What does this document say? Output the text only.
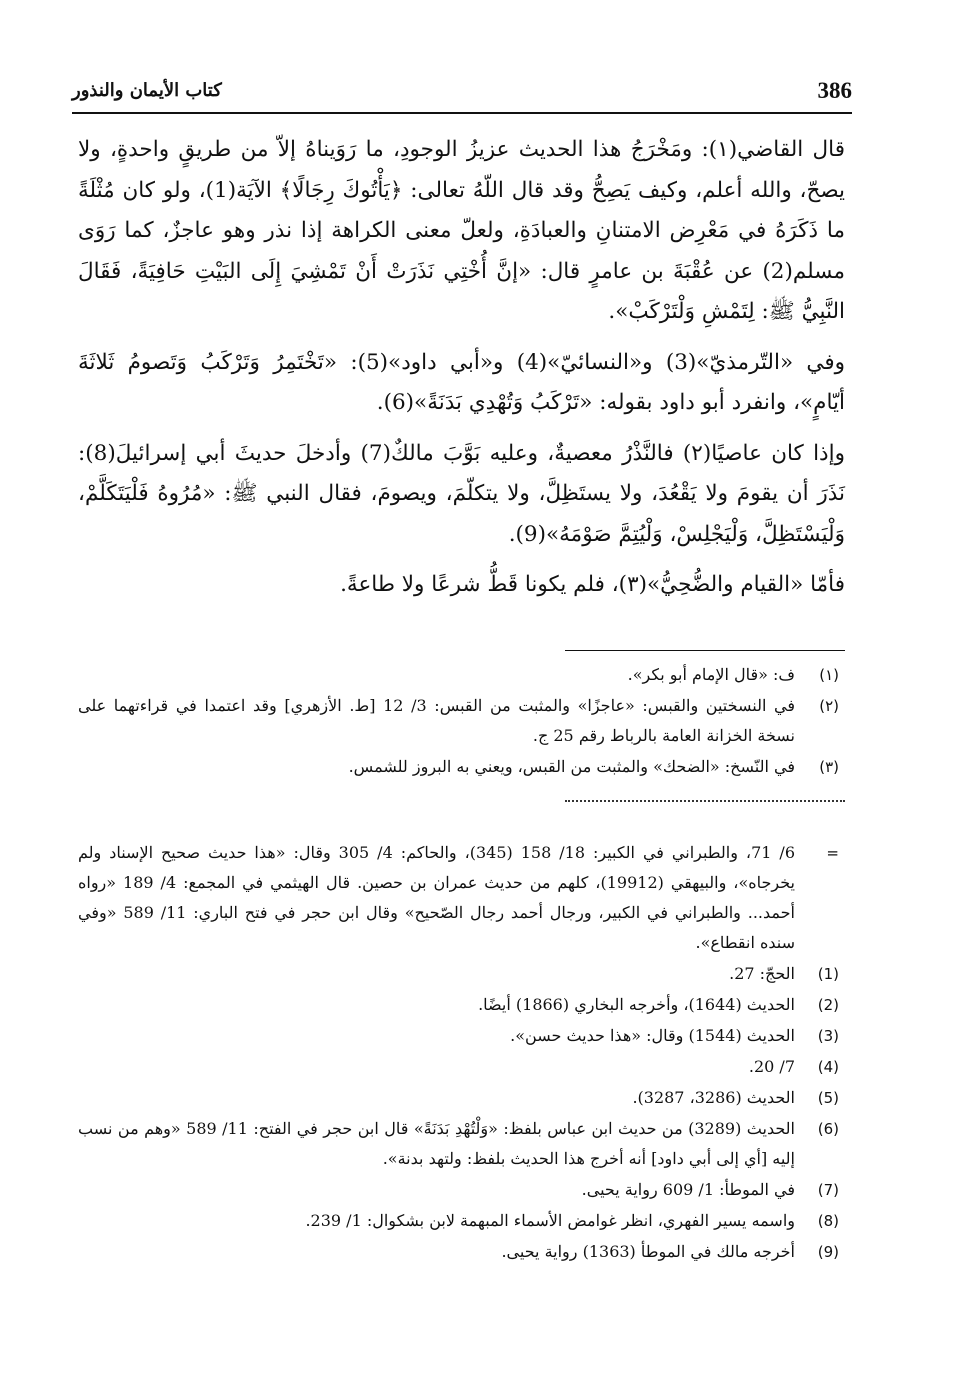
386
كتاب الأيمان والنذور

قال القاضي(١): ومَخْرَجُ هذا الحديث عزيزُ الوجودِ، ما رَوَيناهُ إلاّ من طريقٍ واحدةٍ، ولا يصحّ، والله أعلم، وكيف يَصِحُّ وقد قال اللّهُ تعالى: ﴿يَأْتُوكَ رِجَالًا﴾ الآيَة(1)، ولو كان مُثْلَةً ما ذَكَرَهُ في مَعْرِض الامتنانِ والعبادَةِ، ولعلّ معنى الكراهة إذا نذر وهو عاجزٌ، كما رَوَى مسلم(2) عن عُقْبَةَ بن عامرٍ قال: «إنَّ أُخْتِي نَذَرَتْ أَنْ تَمْشِيَ إِلَى البَيْتِ حَافِيَةً، فَقَالَ النَّبِيُّ ﷺ: لِتَمْشِ وَلْتَرْكَبْ».

وفي «التّرمذيّ»(3) و«النسائيّ»(4) و«أبي داود»(5): «تَخْتَمِرُ وَتَرْكَبُ وَتَصومُ ثَلاثَةَ أيّامٍ»، وانفرد أبو داود بقوله: «تَرْكَبُ وَتُهْدِي بَدَنَةً»(6).

وإذا كان عاصيًا(٢) فالنَّذْرُ معصيةٌ، وعليه بَوَّبَ مالكٌ(7) وأدخلَ حديثَ أبي إسرائيلَ(8): نَذَرَ أن يقومَ ولا يَقْعُدَ، ولا يستَظِلَّ، ولا يتكلّمَ، ويصومَ، فقال النبي ﷺ: «مُرُوهُ فَلْيَتَكَلَّمْ، وَلْيَسْتَظِلَّ، وَلْيَجْلِسْ، وَلْيُتِمَّ صَوْمَهُ»(9).

فأمّا «القيام والضُّحِيُّ»(٣)، فلم يكونا قَطُّ شرعًا ولا طاعةً.

(١)
ف: «قال الإمام أبو بكر».
(٢)
في النسختين والقبس: «عاجزًا» والمثبت من القبس: 3/ 12 [ط. الأزهري] وقد اعتمدا في قراءتهما على نسخة الخزانة العامة بالرباط رقم 25 ج.
(٣)
في النّسخ: «الضحك» والمثبت من القبس، ويعني به البروز للشمس.
=
6/ 71، والطبراني في الكبير: 18/ 158 (345)، والحاكم: 4/ 305 وقال: «هذا حديث صحيح الإسناد ولم يخرجاه»، والبيهقي (19912)، كلهم من حديث عمران بن حصين. قال الهيثمي في المجمع: 4/ 189 «رواه أحمد... والطبراني في الكبير، ورجال أحمد رجال الصّحيح» وقال ابن حجر في فتح الباري: 11/ 589 «وفي سنده انقطاع».
(1)
الحجّ: 27.
(2)
الحديث (1644)، وأخرجه البخاري (1866) أيضًا.
(3)
الحديث (1544) وقال: «هذا حديث حسن».
(4)
7/ 20.
(5)
الحديث (3286، 3287).
(6)
الحديث (3289) من حديث ابن عباس بلفظ: «وَلْتُهْدِ بَدَنَةً» قال ابن حجر في الفتح: 11/ 589 «وهم من نسب إليه [أي إلى أبي داود] أنه أخرج هذا الحديث بلفظ: ولتهد بدنة».
(7)
في الموطأ: 1/ 609 رواية يحيى.
(8)
واسمه يسير الفهري، انظر غوامض الأسماء المبهمة لابن بشكوال: 1/ 239.
(9)
أخرجه مالك في الموطأ (1363) رواية يحيى.
